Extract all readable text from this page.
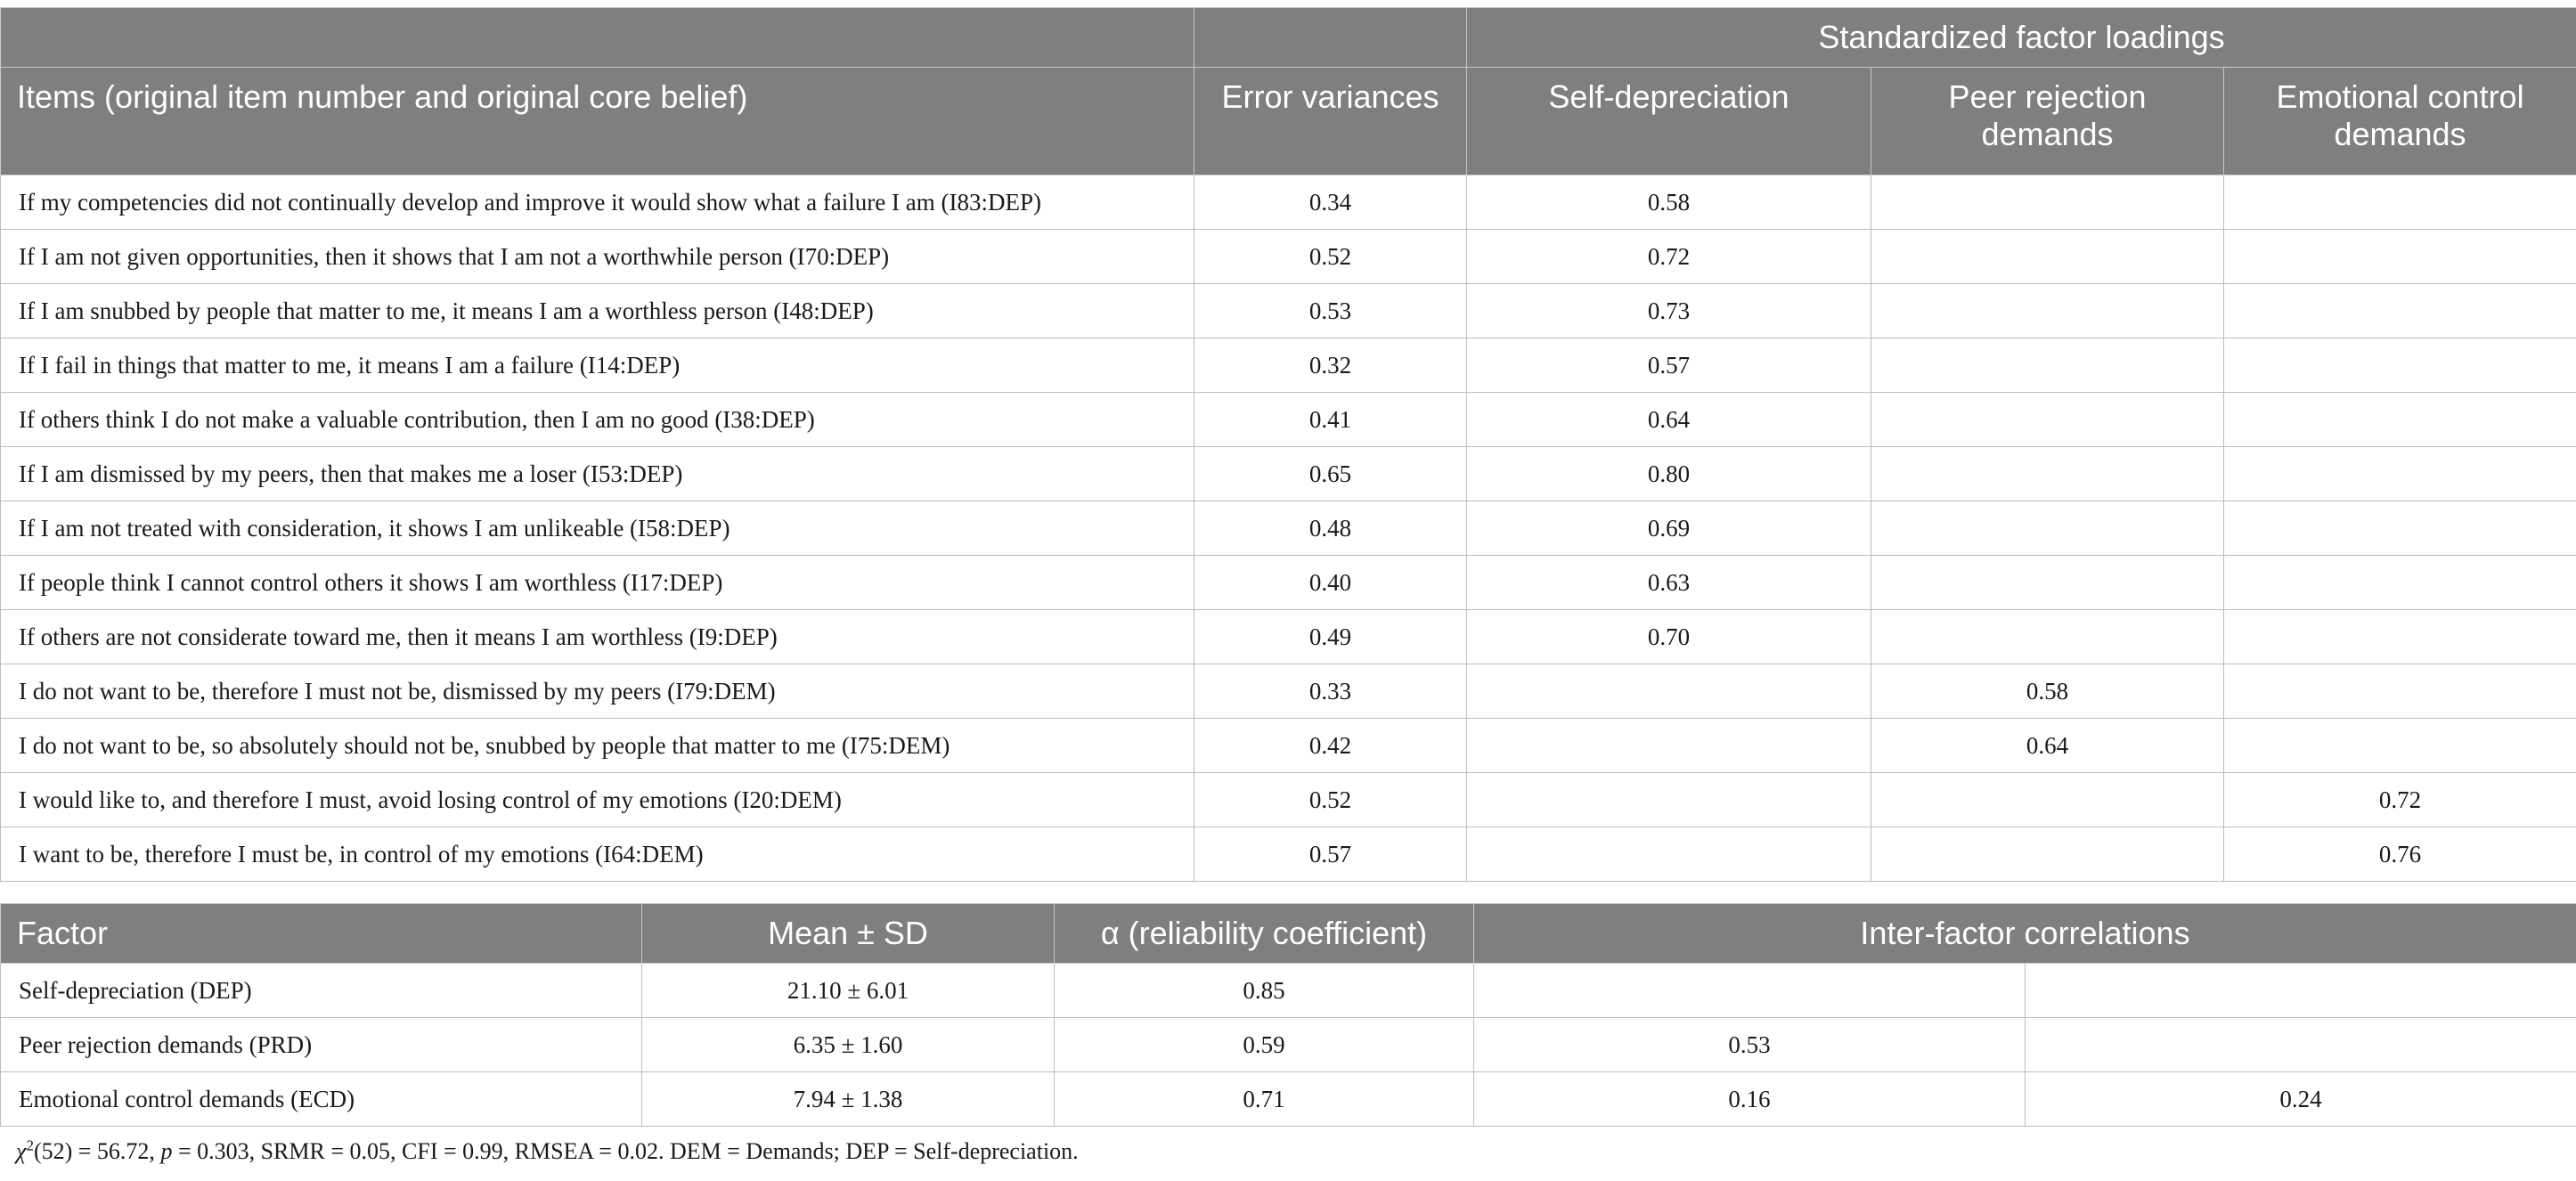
		Standardized factor loadings		
Items (original item number and original core belief)	Error variances	Self-depreciation	Peer rejection demands	Emotional control demands
If my competencies did not continually develop and improve it would show what a failure I am (I83:DEP)	0.34	0.58		
If I am not given opportunities, then it shows that I am not a worthwhile person (I70:DEP)	0.52	0.72		
If I am snubbed by people that matter to me, it means I am a worthless person (I48:DEP)	0.53	0.73		
If I fail in things that matter to me, it means I am a failure (I14:DEP)	0.32	0.57		
If others think I do not make a valuable contribution, then I am no good (I38:DEP)	0.41	0.64		
If I am dismissed by my peers, then that makes me a loser (I53:DEP)	0.65	0.80		
If I am not treated with consideration, it shows I am unlikeable (I58:DEP)	0.48	0.69		
If people think I cannot control others it shows I am worthless (I17:DEP)	0.40	0.63		
If others are not considerate toward me, then it means I am worthless (I9:DEP)	0.49	0.70		
I do not want to be, therefore I must not be, dismissed by my peers (I79:DEM)	0.33		0.58	
I do not want to be, so absolutely should not be, snubbed by people that matter to me (I75:DEM)	0.42		0.64	
I would like to, and therefore I must, avoid losing control of my emotions (I20:DEM)	0.52			0.72
I want to be, therefore I must be, in control of my emotions (I64:DEM)	0.57			0.76
Factor	Mean ± SD	α (reliability coefficient)	Inter-factor correlations	
Self-depreciation (DEP)	21.10 ± 6.01	0.85		
Peer rejection demands (PRD)	6.35 ± 1.60	0.59	0.53	
Emotional control demands (ECD)	7.94 ± 1.38	0.71	0.16	0.24
$\chi^2(52) = 56.72$, p = 0.303, SRMR = 0.05, CFI = 0.99, RMSEA = 0.02. DEM = Demands; DEP = Self-depreciation.
